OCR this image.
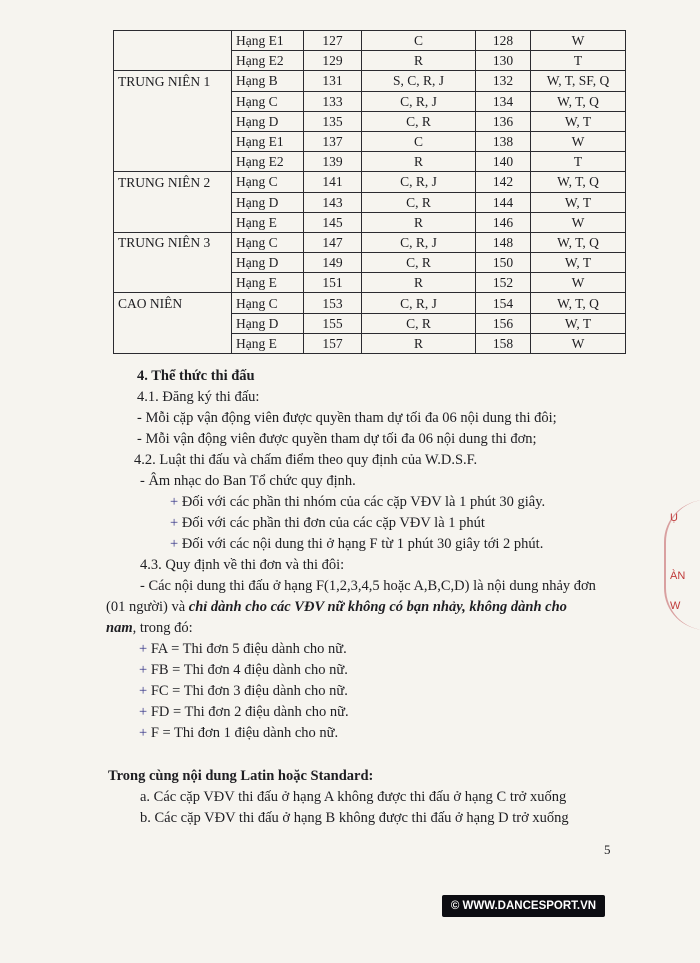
	Hạng E1	127	C	128	W
	Hạng E2	129	R	130	T
TRUNG NIÊN 1	Hạng B	131	S, C, R, J	132	W, T, SF, Q
	Hạng C	133	C, R, J	134	W, T, Q
	Hạng D	135	C, R	136	W, T
	Hạng E1	137	C	138	W
	Hạng E2	139	R	140	T
TRUNG NIÊN 2	Hạng C	141	C, R, J	142	W, T, Q
	Hạng D	143	C, R	144	W, T
	Hạng E	145	R	146	W
TRUNG NIÊN 3	Hạng C	147	C, R, J	148	W, T, Q
	Hạng D	149	C, R	150	W, T
	Hạng E	151	R	152	W
CAO NIÊN	Hạng C	153	C, R, J	154	W, T, Q
	Hạng D	155	C, R	156	W, T
	Hạng E	157	R	158	W
4. Thể thức thi đấu
4.1. Đăng ký thi đấu:
- Mỗi cặp vận động viên được quyền tham dự tối đa 06 nội dung thi đôi;
- Mỗi vận động viên được quyền tham dự tối đa 06 nội dung thi đơn;
4.2. Luật thi đấu và chấm điểm theo quy định của W.D.S.F.
- Âm nhạc do Ban Tổ chức quy định.
+ Đối với các phần thi nhóm của các cặp VĐV là 1 phút 30 giây.
+ Đối với các phần thi đơn của các cặp VĐV là 1 phút
+ Đối với các nội dung thi ở hạng F từ 1 phút 30 giây tới 2 phút.
4.3. Quy định về thi đơn và thi đôi:
- Các nội dung thi đấu ở hạng F(1,2,3,4,5 hoặc A,B,C,D) là nội dung nhảy đơn
(01 người) và chỉ dành cho các VĐV nữ không có bạn nhảy, không dành cho
nam, trong đó:
+ FA = Thi đơn 5 điệu dành cho nữ.
+ FB = Thi đơn 4 điệu dành cho nữ.
+ FC = Thi đơn 3 điệu dành cho nữ.
+ FD = Thi đơn 2 điệu dành cho nữ.
+ F = Thi đơn 1 điệu dành cho nữ.
Trong cùng nội dung Latin hoặc Standard:
a. Các cặp VĐV thi đấu ở hạng A không được thi đấu ở hạng C trở xuống
b. Các cặp VĐV thi đấu ở hạng B không được thi đấu ở hạng D trở xuống
5
© WWW.DANCESPORT.VN
Ụ
ÀN
W
